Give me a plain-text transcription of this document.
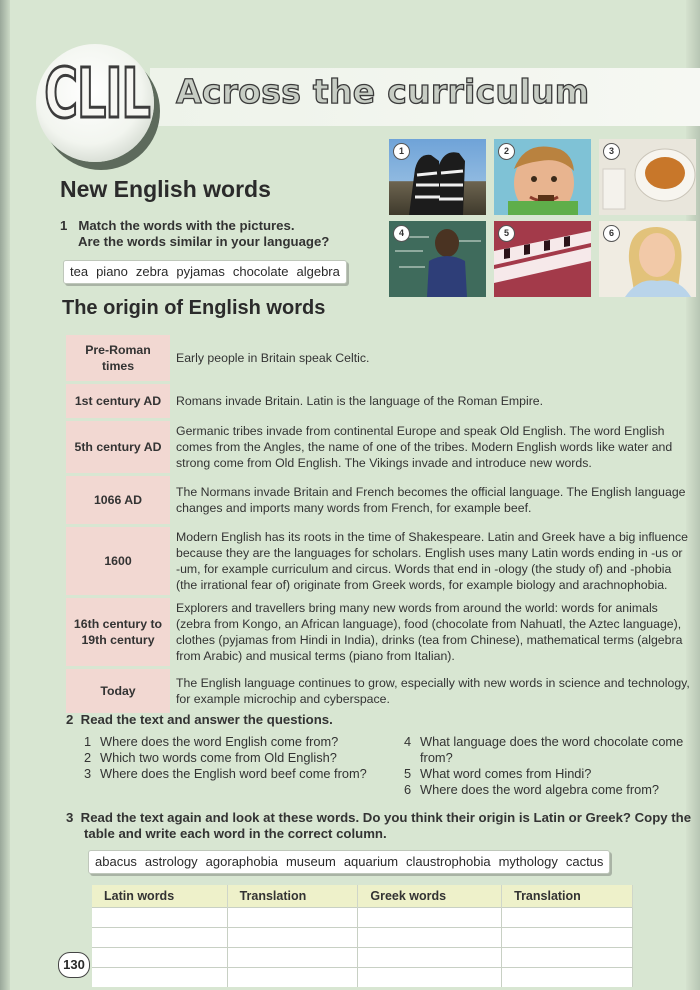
CLIL Across the curriculum
New English words
1 Match the words with the pictures.
Are the words similar in your language?
tea piano zebra pyjamas chocolate algebra
1	2	3
4	5	6
The origin of English words
Pre-Roman times	Early people in Britain speak Celtic.
1st century AD	Romans invade Britain. Latin is the language of the Roman Empire.
5th century AD	Germanic tribes invade from continental Europe and speak Old English. The word English comes from the Angles, the name of one of the tribes. Modern English words like water and strong come from Old English. The Vikings invade and introduce new words.
1066 AD	The Normans invade Britain and French becomes the official language. The English language changes and imports many words from French, for example beef.
1600	Modern English has its roots in the time of Shakespeare. Latin and Greek have a big influence because they are the languages for scholars. English uses many Latin words ending in -us or -um, for example curriculum and circus. Words that end in -ology (the study of) and -phobia (the irrational fear of) originate from Greek words, for example biology and arachnophobia.
16th century to 19th century	Explorers and travellers bring many new words from around the world: words for animals (zebra from Kongo, an African language), food (chocolate from Nahuatl, the Aztec language), clothes (pyjamas from Hindi in India), drinks (tea from Chinese), mathematical terms (algebra from Arabic) and musical terms (piano from Italian).
Today	The English language continues to grow, especially with new words in science and technology, for example microchip and cyberspace.
2 Read the text and answer the questions.
1 Where does the word English come from?
2 Which two words come from Old English?
3 Where does the English word beef come from?
4 What language does the word chocolate come from?
5 What word comes from Hindi?
6 Where does the word algebra come from?
3 Read the text again and look at these words. Do you think their origin is Latin or Greek? Copy the table and write each word in the correct column.
abacus astrology agoraphobia museum aquarium claustrophobia mythology cactus
Latin words	Translation	Greek words	Translation

130
